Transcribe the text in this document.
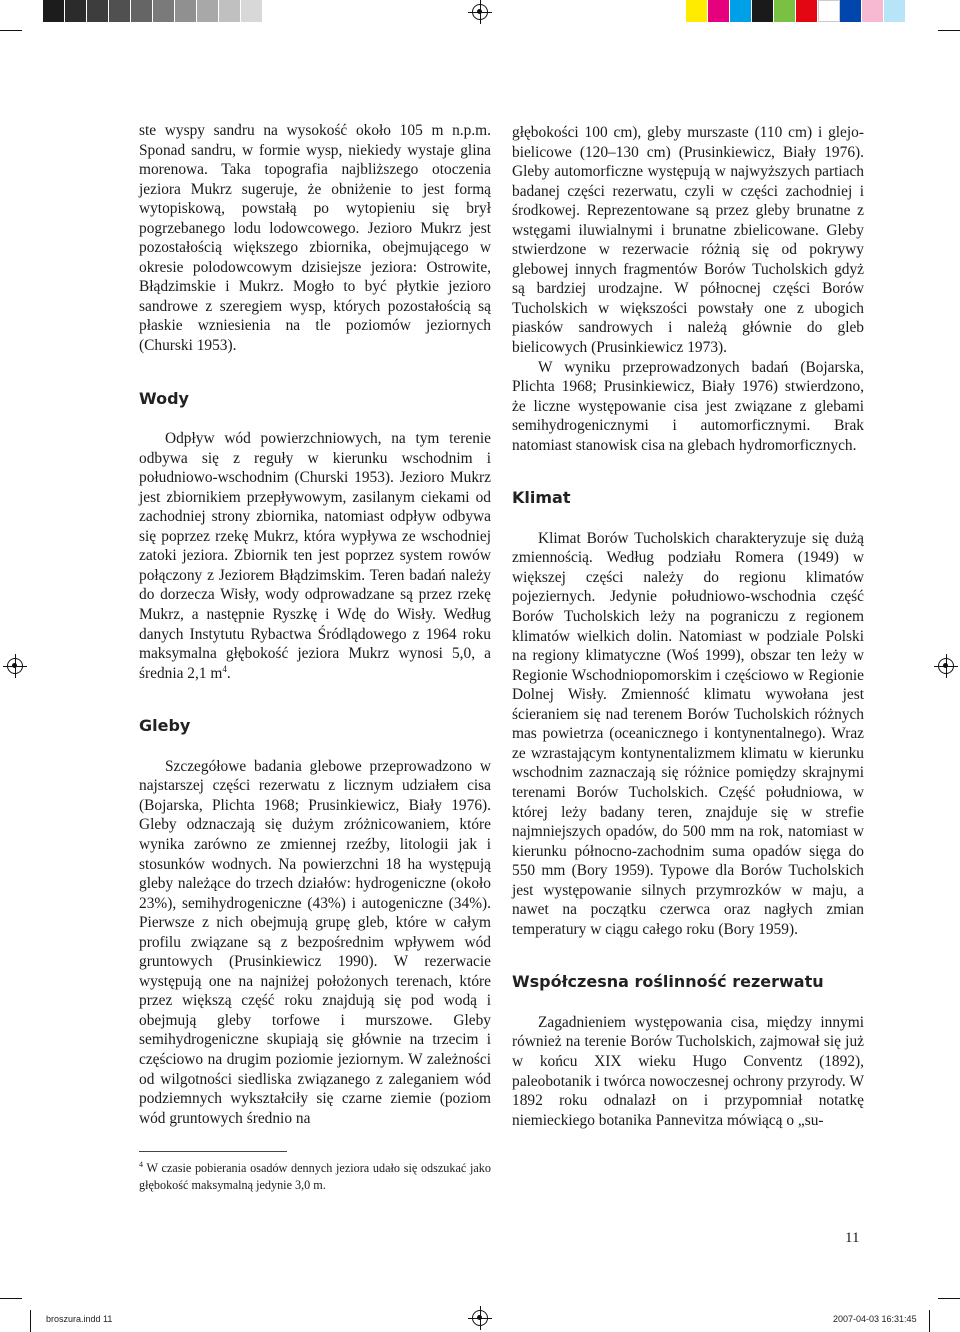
ste wyspy sandru na wysokość około 105 m n.p.m. Sponad sandru, w formie wysp, niekiedy wystaje glina morenowa. Taka topografia najbliższego otoczenia jeziora Mukrz sugeruje, że obniżenie to jest formą wytopiskową, powstałą po wytopieniu się brył pogrzebanego lodu lodowcowego. Jezioro Mukrz jest pozostałością większego zbiornika, obejmującego w okresie polodowcowym dzisiejsze jeziora: Ostrowite, Błądzimskie i Mukrz. Mogło to być płytkie jezioro sandrowe z szeregiem wysp, których pozostałością są płaskie wzniesienia na tle poziomów jeziornych (Churski 1953).

Wody

Odpływ wód powierzchniowych, na tym terenie odbywa się z reguły w kierunku wschodnim i południowo-wschodnim (Churski 1953). Jezioro Mukrz jest zbiornikiem przepływowym, zasilanym ciekami od zachodniej strony zbiornika, natomiast odpływ odbywa się poprzez rzekę Mukrz, która wypływa ze wschodniej zatoki jeziora. Zbiornik ten jest poprzez system rowów połączony z Jeziorem Błądzimskim. Teren badań należy do dorzecza Wisły, wody odprowadzane są przez rzekę Mukrz, a następnie Ryszkę i Wdę do Wisły. Według danych Instytutu Rybactwa Śródlądowego z 1964 roku maksymalna głębokość jeziora Mukrz wynosi 5,0, a średnia 2,1 $m^4$.

Gleby

Szczegółowe badania glebowe przeprowadzono w najstarszej części rezerwatu z licznym udziałem cisa (Bojarska, Plichta 1968; Prusinkiewicz, Biały 1976). Gleby odznaczają się dużym zróżnicowaniem, które wynika zarówno ze zmiennej rzeźby, litologii jak i stosunków wodnych. Na powierzchni 18 ha występują gleby należące do trzech działów: hydrogeniczne (około 23%), semihydrogeniczne (43%) i autogeniczne (34%). Pierwsze z nich obejmują grupę gleb, które w całym profilu związane są z bezpośrednim wpływem wód gruntowych (Prusinkiewicz 1990). W rezerwacie występują one na najniżej położonych terenach, które przez większą część roku znajdują się pod wodą i obejmują gleby torfowe i murszowe. Gleby semihydrogeniczne skupiają się głównie na trzecim i częściowo na drugim poziomie jeziornym. W zależności od wilgotności siedliska związanego z zaleganiem wód podziemnych wykształciły się czarne ziemie (poziom wód gruntowych średnio na

$^4$ W czasie pobierania osadów dennych jeziora udało się odszukać jako głębokość maksymalną jedynie 3,0 m.

głębokości 100 cm), gleby murszaste (110 cm) i glejo-bielicowe (120–130 cm) (Prusinkiewicz, Biały 1976). Gleby automorficzne występują w najwyższych partiach badanej części rezerwatu, czyli w części zachodniej i środkowej. Reprezentowane są przez gleby brunatne z wstęgami iluwialnymi i brunatne zbielicowane. Gleby stwierdzone w rezerwacie różnią się od pokrywy glebowej innych fragmentów Borów Tucholskich gdyż są bardziej urodzajne. W północnej części Borów Tucholskich w większości powstały one z ubogich piasków sandrowych i należą głównie do gleb bielicowych (Prusinkiewicz 1973).

W wyniku przeprowadzonych badań (Bojarska, Plichta 1968; Prusinkiewicz, Biały 1976) stwierdzono, że liczne występowanie cisa jest związane z glebami semihydrogenicznymi i automorficznymi. Brak natomiast stanowisk cisa na glebach hydromorficznych.

Klimat

Klimat Borów Tucholskich charakteryzuje się dużą zmiennością. Według podziału Romera (1949) w większej części należy do regionu klimatów pojeziernych. Jedynie południowo-wschodnia część Borów Tucholskich leży na pograniczu z regionem klimatów wielkich dolin. Natomiast w podziale Polski na regiony klimatyczne (Woś 1999), obszar ten leży w Regionie Wschodniopomorskim i częściowo w Regionie Dolnej Wisły. Zmienność klimatu wywołana jest ścieraniem się nad terenem Borów Tucholskich różnych mas powietrza (oceanicznego i kontynentalnego). Wraz ze wzrastającym kontynentalizmem klimatu w kierunku wschodnim zaznaczają się różnice pomiędzy skrajnymi terenami Borów Tucholskich. Część południowa, w której leży badany teren, znajduje się w strefie najmniejszych opadów, do 500 mm na rok, natomiast w kierunku północno-zachodnim suma opadów sięga do 550 mm (Bory 1959). Typowe dla Borów Tucholskich jest występowanie silnych przymrozków w maju, a nawet na początku czerwca oraz nagłych zmian temperatury w ciągu całego roku (Bory 1959).

Współczesna roślinność rezerwatu

Zagadnieniem występowania cisa, między innymi również na terenie Borów Tucholskich, zajmował się już w końcu XIX wieku Hugo Conventz (1892), paleobotanik i twórca nowoczesnej ochrony przyrody. W 1892 roku odnalazł on i przypomniał notatkę niemieckiego botanika Pannevitza mówiącą o „su-

11
broszura.indd 11	2007-04-03 16:31:45
